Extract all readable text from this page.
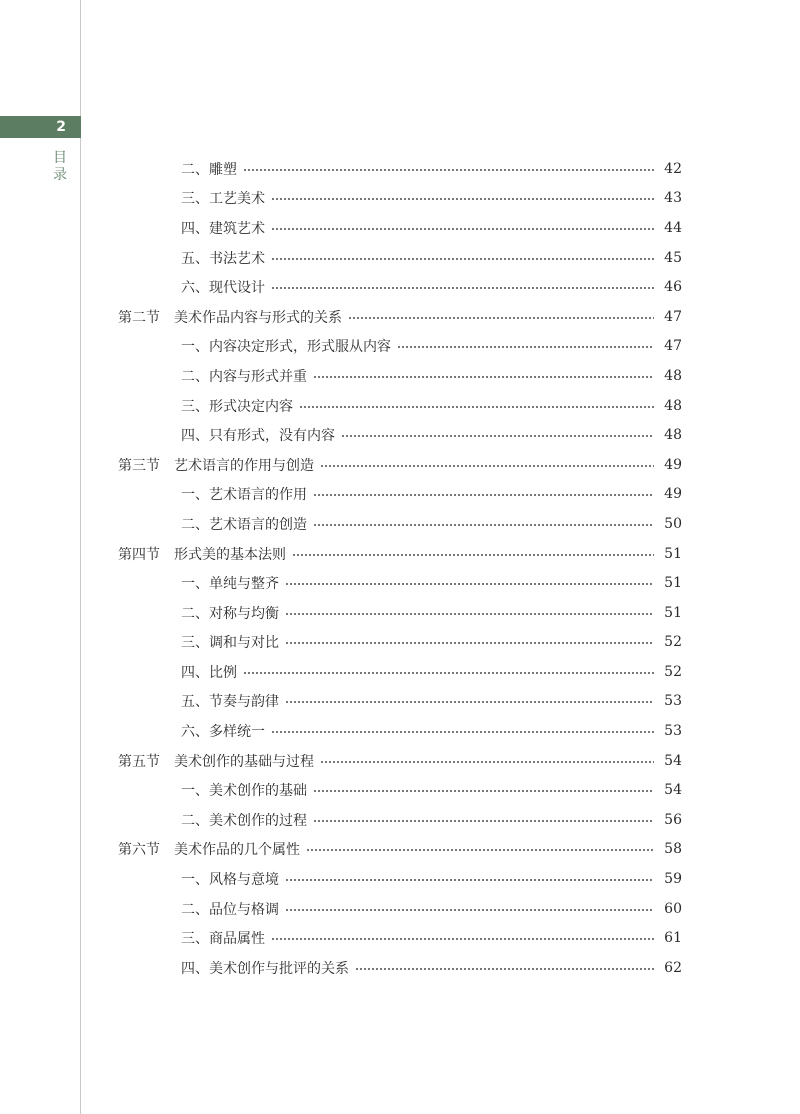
2
目录	二、雕塑	42
三、工艺美术	43
四、建筑艺术	44
五、书法艺术	45
六、现代设计	46
第二节 美术作品内容与形式的关系	47
一、内容决定形式，形式服从内容	47
二、内容与形式并重	48
三、形式决定内容	48
四、只有形式，没有内容	48
第三节 艺术语言的作用与创造	49
一、艺术语言的作用	49
二、艺术语言的创造	50
第四节 形式美的基本法则	51
一、单纯与整齐	51
二、对称与均衡	51
三、调和与对比	52
四、比例	52
五、节奏与韵律	53
六、多样统一	53
第五节 美术创作的基础与过程	54
一、美术创作的基础	54
二、美术创作的过程	56
第六节 美术作品的几个属性	58
一、风格与意境	59
二、品位与格调	60
三、商品属性	61
四、美术创作与批评的关系	62
